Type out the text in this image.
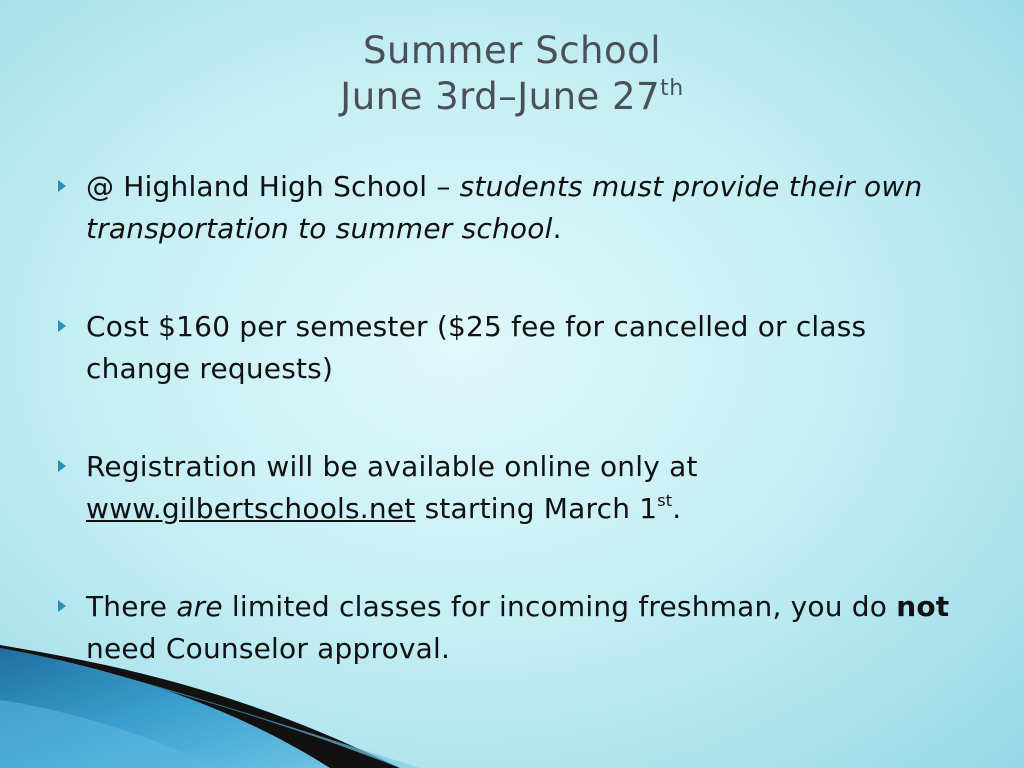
Summer School
June 3rd–June 27th
@ Highland High School – students must provide their own transportation to summer school.
Cost $160 per semester ($25 fee for cancelled or class change requests)
Registration will be available online only at www.gilbertschools.net starting March 1st.
There are limited classes for incoming freshman, you do not need Counselor approval.
